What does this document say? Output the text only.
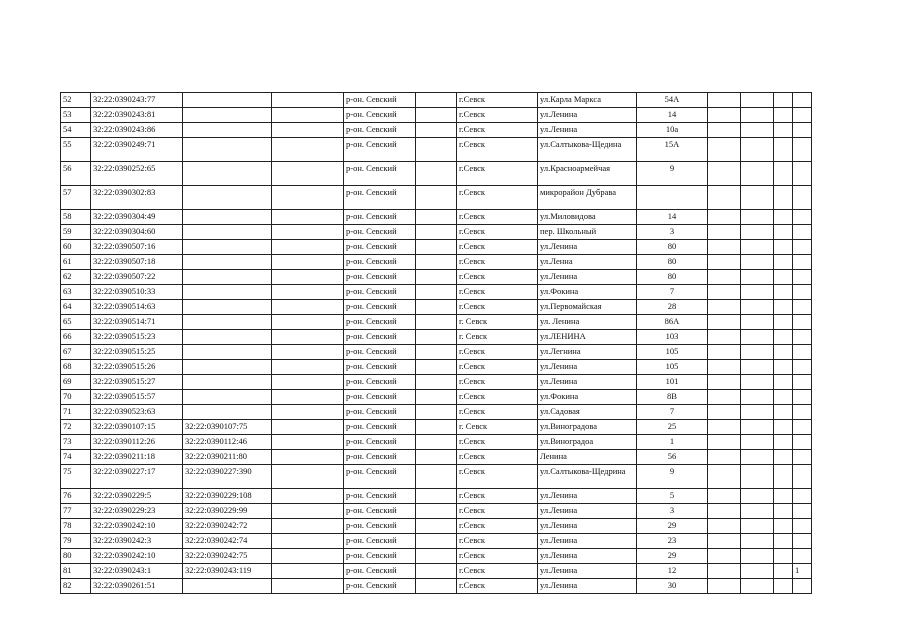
52	32:22:0390243:77			р-он. Севский		г.Севск	ул.Карла Маркса	54А				
53	32:22:0390243:81			р-он. Севский		г.Севск	ул.Ленина	14				
54	32:22:0390243:86			р-он. Севский		г.Севск	ул.Ленина	10а				
55	32:22:0390249:71			р-он. Севский		г.Севск	ул.Салтыкова-Щедина	15А				
56	32:22:0390252:65			р-он. Севский		г.Севск	ул.Красноармейчая	9				
57	32:22:0390302:83			р-он. Севский		г.Севск	микрорайон Дубрава					
58	32:22:0390304:49			р-он. Севский		г.Севск	ул.Миловидова	14				
59	32:22:0390304:60			р-он. Севский		г.Севск	пер. Школьный	3				
60	32:22:0390507:16			р-он. Севский		г.Севск	ул.Ленина	80				
61	32:22:0390507:18			р-он. Севский		г.Севск	ул.Ленна	80				
62	32:22:0390507:22			р-он. Севский		г.Севск	ул.Ленина	80				
63	32:22:0390510:33			р-он. Севский		г.Севск	ул.Фокина	7				
64	32:22:0390514:63			р-он. Севский		г.Севск	ул.Первомайская	28				
65	32:22:0390514:71			р-он. Севский		г. Севск	ул. Ленина	86А				
66	32:22:0390515:23			р-он. Севский		г. Севск	ул.ЛЕНИНА	103				
67	32:22:0390515:25			р-он. Севский		г.Севск	ул.Легнина	105				
68	32:22:0390515:26			р-он. Севский		г.Севск	ул.Ленина	105				
69	32:22:0390515:27			р-он. Севский		г.Севск	ул.Ленина	101				
70	32:22:0390515:57			р-он. Севский		г.Севск	ул.Фокина	8В				
71	32:22:0390523:63			р-он. Севский		г.Севск	ул.Садовая	7				
72	32:22:0390107:15	32:22:0390107:75		р-он. Севский		г. Севск	ул.Виноградова	25				
73	32:22:0390112:26	32:22:0390112:46		р-он. Севский		г.Севск	ул.Виноградоа	1				
74	32:22:0390211:18	32:22:0390211:80		р-он. Севский		г.Севск	Ленина	56				
75	32:22:0390227:17	32:22:0390227:390		р-он. Севский		г.Севск	ул.Салтыкова-Щедрина	9				
76	32:22:0390229:5	32:22:0390229:108		р-он. Севский		г.Севск	ул.Ленина	5				
77	32:22:0390229:23	32:22:0390229:99		р-он. Севский		г.Севск	ул.Ленина	3				
78	32:22:0390242:10	32:22:0390242:72		р-он. Севский		г.Севск	ул.Ленина	29				
79	32:22:0390242:3	32:22:0390242:74		р-он. Севский		г.Севск	ул.Ленина	23				
80	32:22:0390242:10	32:22:0390242:75		р-он. Севский		г.Севск	ул.Ленина	29				
81	32:22:0390243:1	32:22:0390243:119		р-он. Севский		г.Севск	ул.Ленина	12				1
82	32:22:0390261:51			р-он. Севский		г.Севск	ул.Ленина	30				
